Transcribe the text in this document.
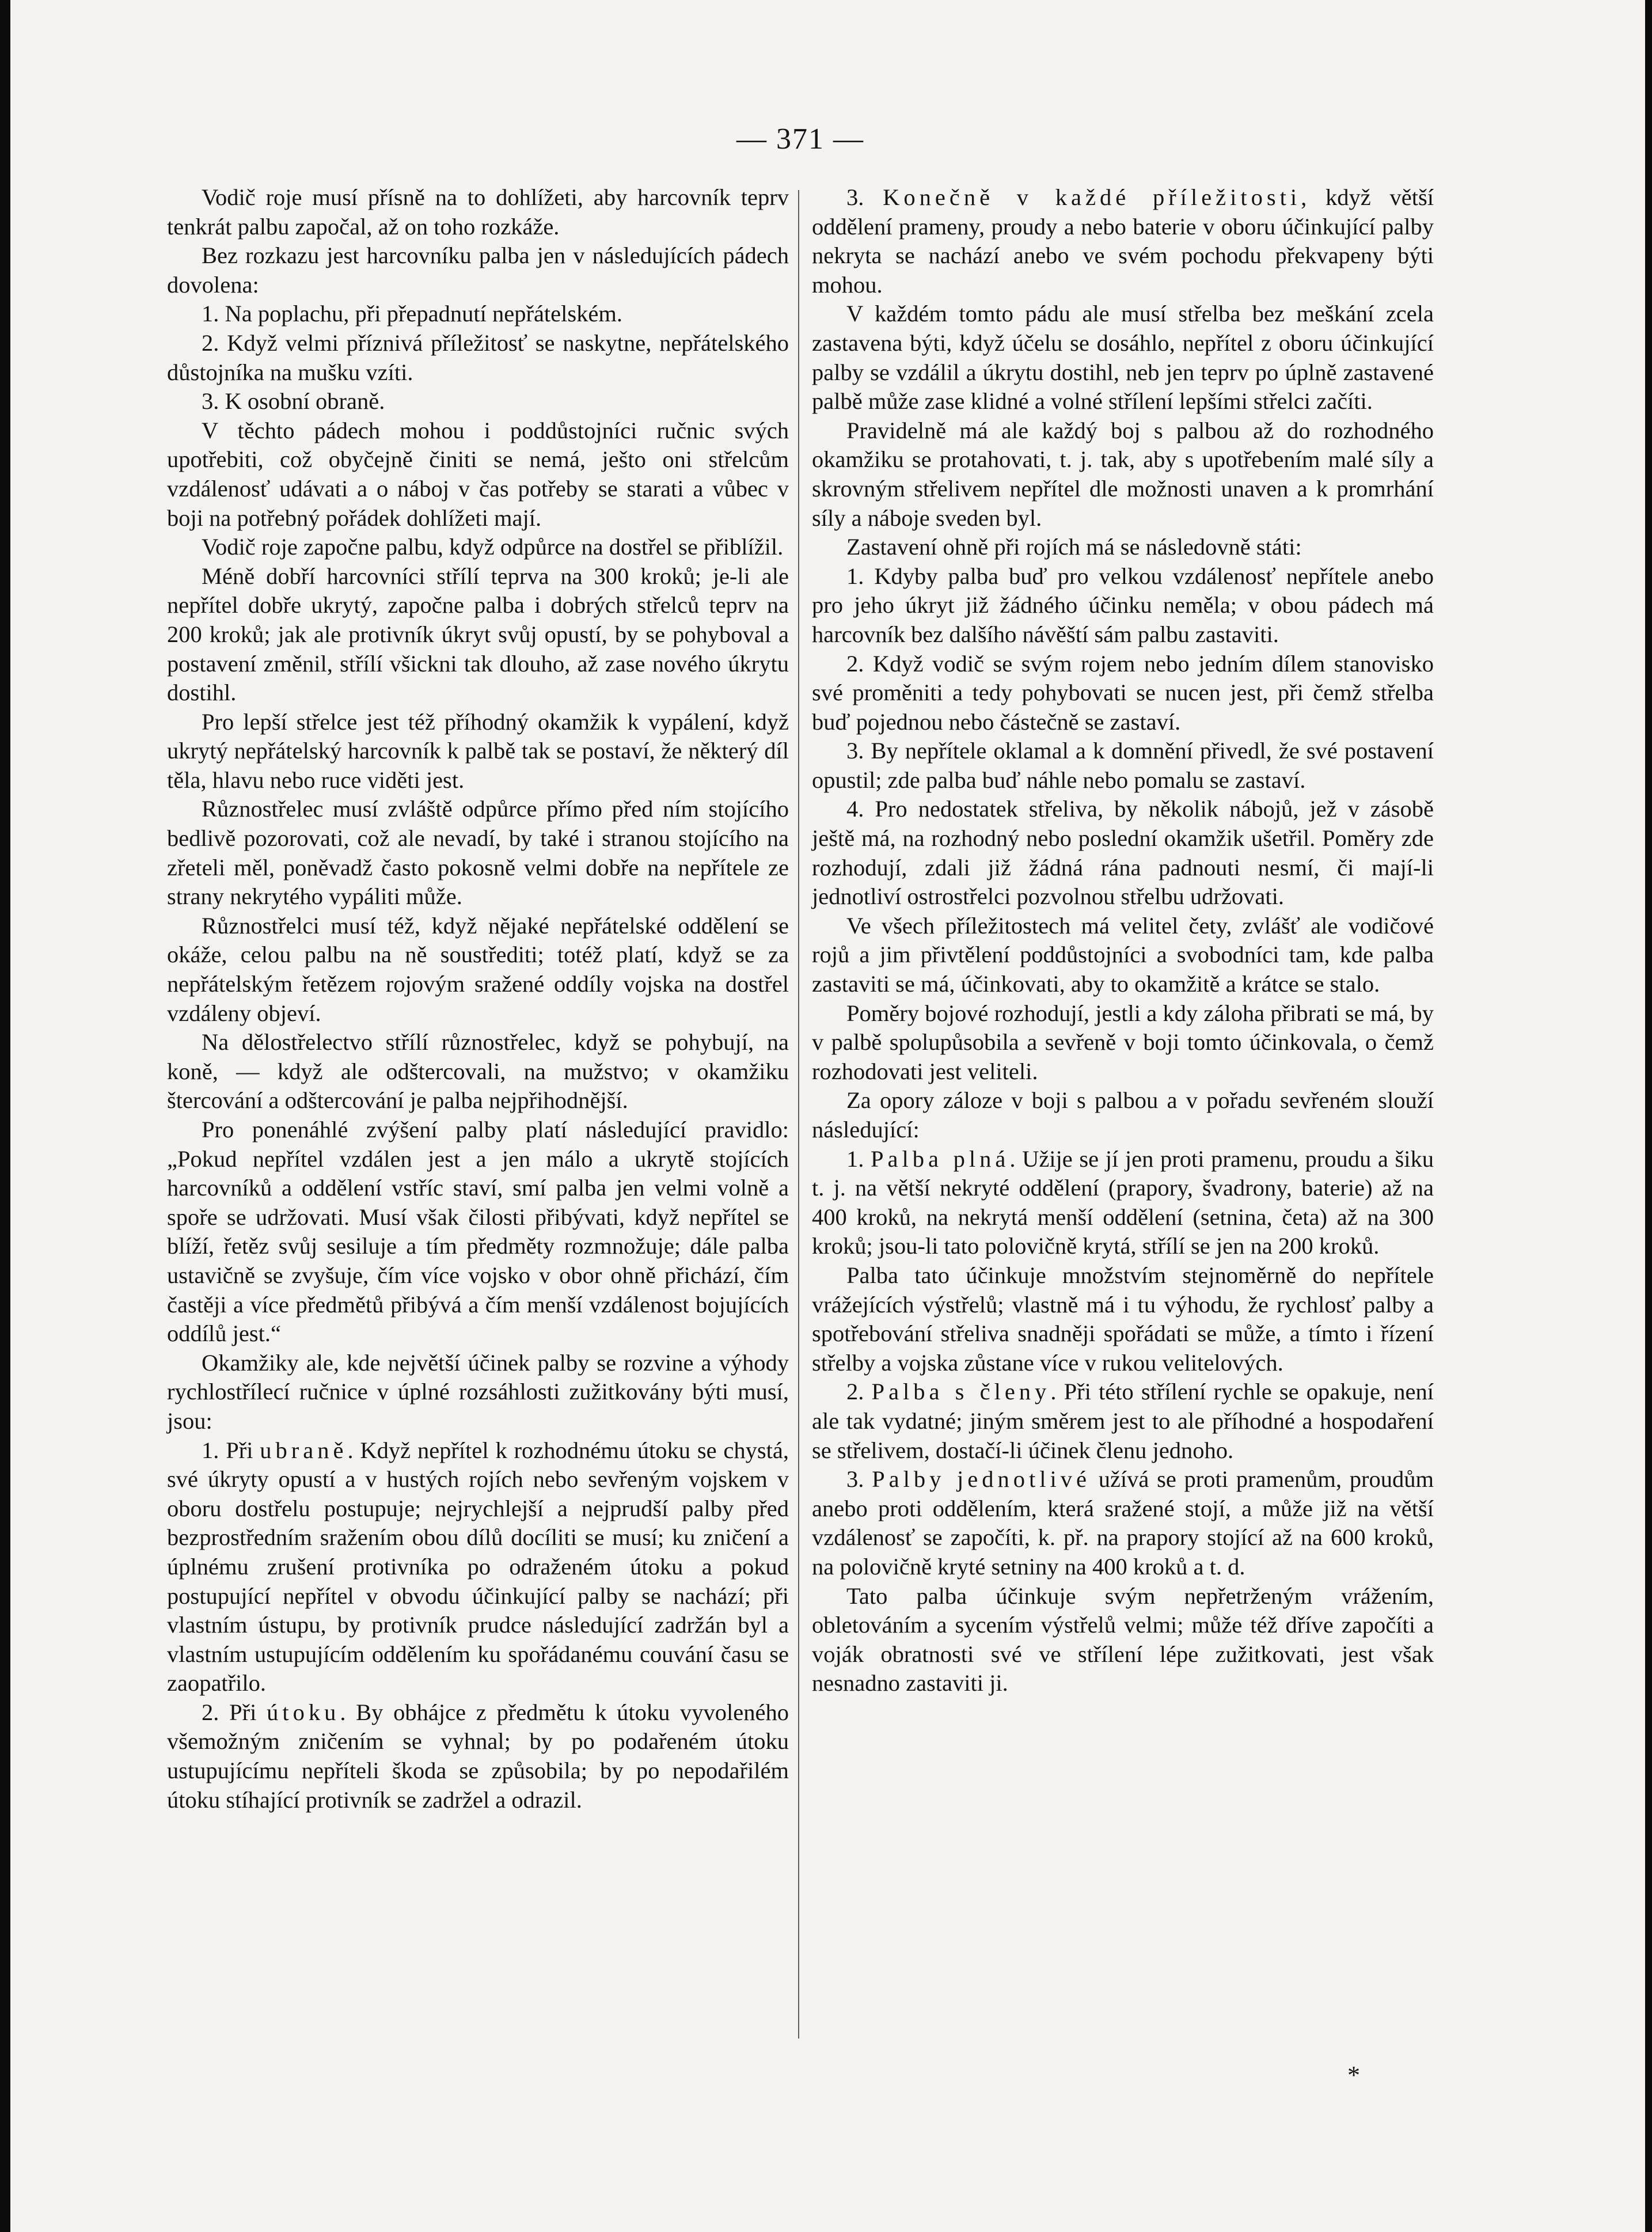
— 371 —

Vodič roje musí přísně na to dohlížeti, aby harcovník teprv tenkrát palbu započal, až on toho rozkáže.

Bez rozkazu jest harcovníku palba jen v následujících pádech dovolena:

1. Na poplachu, při přepadnutí nepřátelském.

2. Když velmi příznivá příležitosť se naskytne, nepřátelského důstojníka na mušku vzíti.

3. K osobní obraně.

V těchto pádech mohou i poddůstojníci ručnic svých upotřebiti, což obyčejně činiti se nemá, ješto oni střelcům vzdálenosť udávati a o náboj v čas potřeby se starati a vůbec v boji na potřebný pořádek dohlížeti mají.

Vodič roje započne palbu, když odpůrce na dostřel se přiblížil.

Méně dobří harcovníci střílí teprva na 300 kroků; je-li ale nepřítel dobře ukrytý, započne palba i dobrých střelců teprv na 200 kroků; jak ale protivník úkryt svůj opustí, by se pohyboval a postavení změnil, střílí všickni tak dlouho, až zase nového úkrytu dostihl.

Pro lepší střelce jest též příhodný okamžik k vypálení, když ukrytý nepřátelský harcovník k palbě tak se postaví, že některý díl těla, hlavu nebo ruce viděti jest.

Různostřelec musí zvláště odpůrce přímo před ním stojícího bedlivě pozorovati, což ale nevadí, by také i stranou stojícího na zřeteli měl, poněvadž často pokosně velmi dobře na nepřítele ze strany nekrytého vypáliti může.

Různostřelci musí též, když nějaké nepřátelské oddělení se okáže, celou palbu na ně soustřediti; totéž platí, když se za nepřátelským řetězem rojovým sražené oddíly vojska na dostřel vzdáleny objeví.

Na dělostřelectvo střílí různostřelec, když se pohybují, na koně, — když ale odštercovali, na mužstvo; v okamžiku štercování a odštercování je palba nejpřihodnější.

Pro ponenáhlé zvýšení palby platí následující pravidlo: „Pokud nepřítel vzdálen jest a jen málo a ukrytě stojících harcovníků a oddělení vstříc staví, smí palba jen velmi volně a spoře se udržovati. Musí však čilosti přibývati, když nepřítel se blíží, řetěz svůj sesiluje a tím předměty rozmnožuje; dále palba ustavičně se zvyšuje, čím více vojsko v obor ohně přichází, čím častěji a více předmětů přibývá a čím menší vzdálenost bojujících oddílů jest.“

Okamžiky ale, kde největší účinek palby se rozvine a výhody rychlostřílecí ručnice v úplné rozsáhlosti zužitkovány býti musí, jsou:

1. Při ubraně. Když nepřítel k rozhodnému útoku se chystá, své úkryty opustí a v hustých rojích nebo sevřeným vojskem v oboru dostřelu postupuje; nejrychlejší a nejprudší palby před bezprostředním sražením obou dílů docíliti se musí; ku zničení a úplnému zrušení protivníka po odraženém útoku a pokud postupující nepřítel v obvodu účinkující palby se nachází; při vlastním ústupu, by protivník prudce následující zadržán byl a vlastním ustupujícím oddělením ku spořádanému couvání času se zaopatřilo.

2. Při útoku. By obhájce z předmětu k útoku vyvoleného všemožným zničením se vyhnal; by po podařeném útoku ustupujícímu nepříteli škoda se způsobila; by po nepodařilém útoku stíhající protivník se zadržel a odrazil.

3. Konečně v každé příležitosti, když větší oddělení prameny, proudy a nebo baterie v oboru účinkující palby nekryta se nachází anebo ve svém pochodu překvapeny býti mohou.

V každém tomto pádu ale musí střelba bez meškání zcela zastavena býti, když účelu se dosáhlo, nepřítel z oboru účinkující palby se vzdálil a úkrytu dostihl, neb jen teprv po úplně zastavené palbě může zase klidné a volné střílení lepšími střelci začíti.

Pravidelně má ale každý boj s palbou až do rozhodného okamžiku se protahovati, t. j. tak, aby s upotřebením malé síly a skrovným střelivem nepřítel dle možnosti unaven a k promrhání síly a náboje sveden byl.

Zastavení ohně při rojích má se následovně státi:

1. Kdyby palba buď pro velkou vzdálenosť nepřítele anebo pro jeho úkryt již žádného účinku neměla; v obou pádech má harcovník bez dalšího návěští sám palbu zastaviti.

2. Když vodič se svým rojem nebo jedním dílem stanovisko své proměniti a tedy pohybovati se nucen jest, při čemž střelba buď pojednou nebo částečně se zastaví.

3. By nepřítele oklamal a k domnění přivedl, že své postavení opustil; zde palba buď náhle nebo pomalu se zastaví.

4. Pro nedostatek střeliva, by několik nábojů, jež v zásobě ještě má, na rozhodný nebo poslední okamžik ušetřil. Poměry zde rozhodují, zdali již žádná rána padnouti nesmí, či mají-li jednotliví ostrostřelci pozvolnou střelbu udržovati.

Ve všech příležitostech má velitel čety, zvlášť ale vodičové rojů a jim přivtělení poddůstojníci a svobodníci tam, kde palba zastaviti se má, účinkovati, aby to okamžitě a krátce se stalo.

Poměry bojové rozhodují, jestli a kdy záloha přibrati se má, by v palbě spolupůsobila a sevřeně v boji tomto účinkovala, o čemž rozhodovati jest veliteli.

Za opory záloze v boji s palbou a v pořadu sevřeném slouží následující:

1. Palba plná. Užije se jí jen proti pramenu, proudu a šiku t. j. na větší nekryté oddělení (prapory, švadrony, baterie) až na 400 kroků, na nekrytá menší oddělení (setnina, četa) až na 300 kroků; jsou-li tato polovičně krytá, střílí se jen na 200 kroků.

Palba tato účinkuje množstvím stejnoměrně do nepřítele vrážejících výstřelů; vlastně má i tu výhodu, že rychlosť palby a spotřebování střeliva snadněji spořádati se může, a tímto i řízení střelby a vojska zůstane více v rukou velitelových.

2. Palba s členy. Při této střílení rychle se opakuje, není ale tak vydatné; jiným směrem jest to ale příhodné a hospodaření se střelivem, dostačí-li účinek členu jednoho.

3. Palby jednotlivé užívá se proti pramenům, proudům anebo proti oddělením, která sražené stojí, a může již na větší vzdálenosť se započíti, k. př. na prapory stojící až na 600 kroků, na polovičně kryté setniny na 400 kroků a t. d.

Tato palba účinkuje svým nepřetrženým vrážením, obletováním a sycením výstřelů velmi; může též dříve započíti a voják obratnosti své ve střílení lépe zužitkovati, jest však nesnadno zastaviti ji.

*
